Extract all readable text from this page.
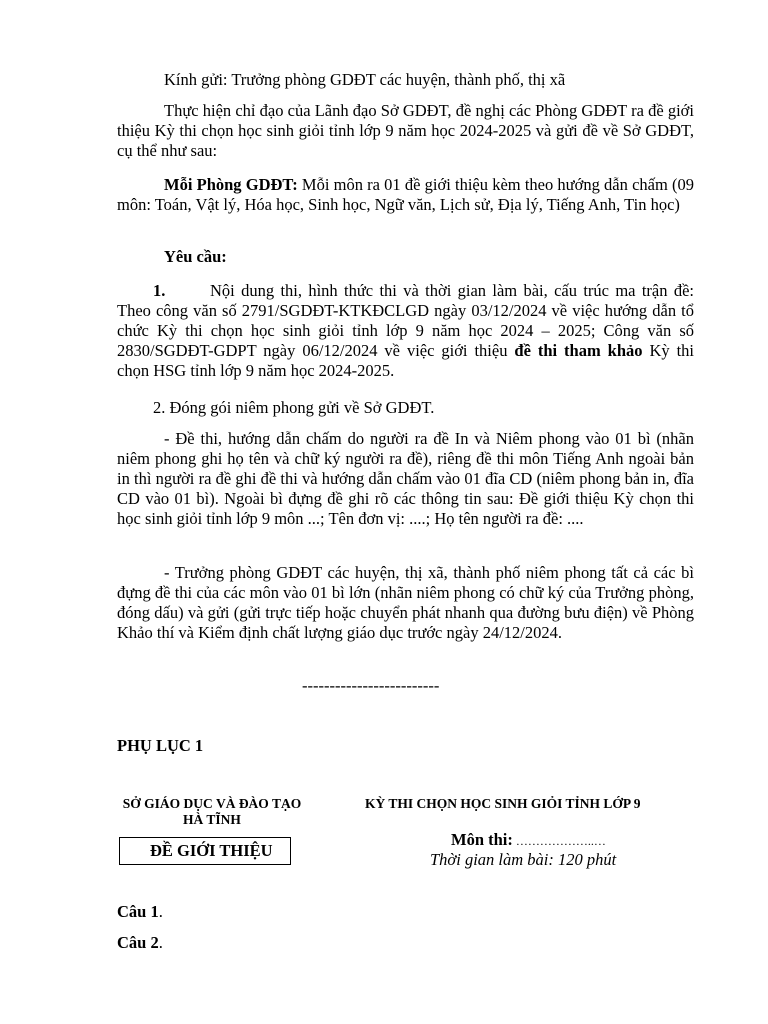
Kính gửi: Trưởng phòng GDĐT các huyện, thành phố, thị xã
Thực hiện chỉ đạo của Lãnh đạo Sở GDĐT, đề nghị các Phòng GDĐT ra đề giới thiệu Kỳ thi chọn học sinh giỏi tỉnh lớp 9 năm học 2024-2025 và gửi đề về Sở GDĐT, cụ thể như sau:
Mỗi Phòng GDĐT: Mỗi môn ra 01 đề giới thiệu kèm theo hướng dẫn chấm (09 môn: Toán, Vật lý, Hóa học, Sinh học, Ngữ văn, Lịch sử, Địa lý, Tiếng Anh, Tin học)
Yêu cầu:
1.	Nội dung thi, hình thức thi và thời gian làm bài, cấu trúc ma trận đề: Theo công văn số 2791/SGDĐT-KTKĐCLGD ngày 03/12/2024 về việc hướng dẫn tổ chức Kỳ thi chọn học sinh giỏi tỉnh lớp 9 năm học 2024 – 2025; Công văn số 2830/SGDĐT-GDPT ngày 06/12/2024 về việc giới thiệu đề thi tham khảo Kỳ thi chọn HSG tỉnh lớp 9 năm học 2024-2025.
2. Đóng gói niêm phong gửi về Sở GDĐT.
- Đề thi, hướng dẫn chấm do người ra đề In và Niêm phong vào 01 bì (nhãn niêm phong ghi họ tên và chữ ký người ra đề), riêng đề thi môn Tiếng Anh ngoài bản in thì người ra đề ghi đề thi và hướng dẫn chấm vào 01 đĩa CD (niêm phong bản in, đĩa CD vào 01 bì). Ngoài bì đựng đề ghi rõ các thông tin sau: Đề giới thiệu Kỳ chọn thi học sinh giỏi tỉnh lớp 9 môn ...; Tên đơn vị: ....; Họ tên người ra đề: ....
- Trưởng phòng GDĐT các huyện, thị xã, thành phố niêm phong tất cả các bì đựng đề thi của các môn vào 01 bì lớn (nhãn niêm phong có chữ ký của Trưởng phòng, đóng dấu) và gửi (gửi trực tiếp hoặc chuyển phát nhanh qua đường bưu điện) về Phòng Khảo thí và Kiểm định chất lượng giáo dục trước ngày 24/12/2024.
-------------------------
PHỤ LỤC 1
SỞ GIÁO DỤC VÀ ĐÀO TẠO
HÀ TĨNH
KỲ THI CHỌN HỌC SINH GIỎI TỈNH LỚP 9
ĐỀ GIỚI THIỆU
Môn thi: ………………..…
Thời gian làm bài: 120 phút
Câu 1.
Câu 2.
